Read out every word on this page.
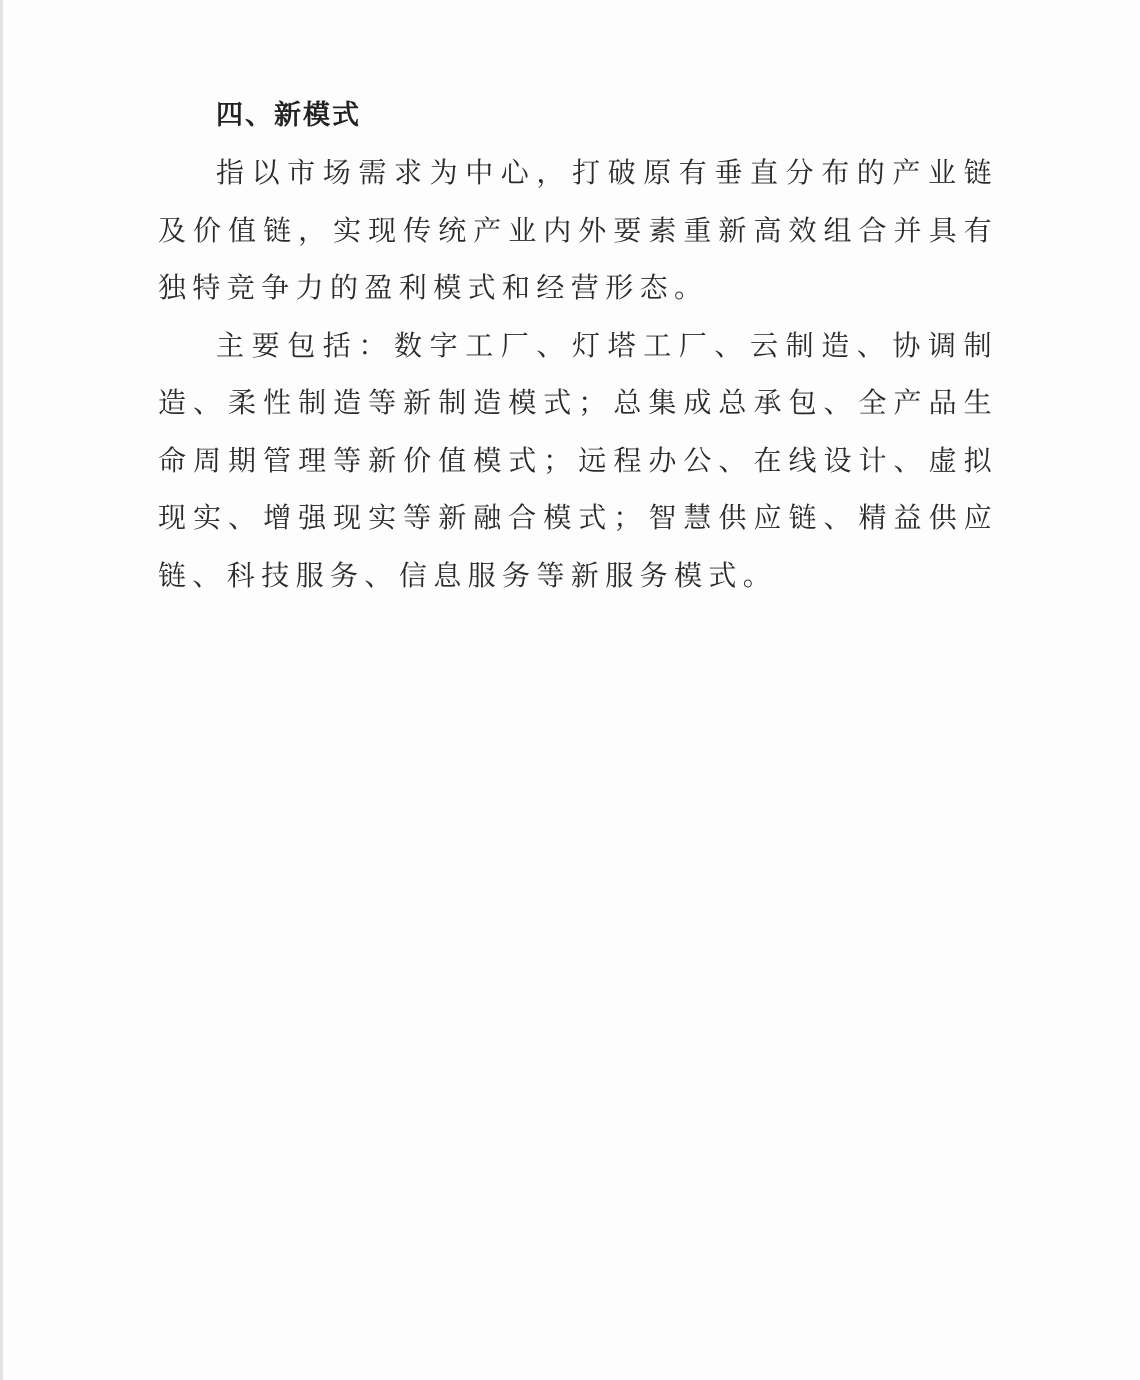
四、新模式

指以市场需求为中心，打破原有垂直分布的产业链及价值链，实现传统产业内外要素重新高效组合并具有独特竞争力的盈利模式和经营形态。

主要包括：数字工厂、灯塔工厂、云制造、协调制造、柔性制造等新制造模式；总集成总承包、全产品生命周期管理等新价值模式；远程办公、在线设计、虚拟现实、增强现实等新融合模式；智慧供应链、精益供应链、科技服务、信息服务等新服务模式。
